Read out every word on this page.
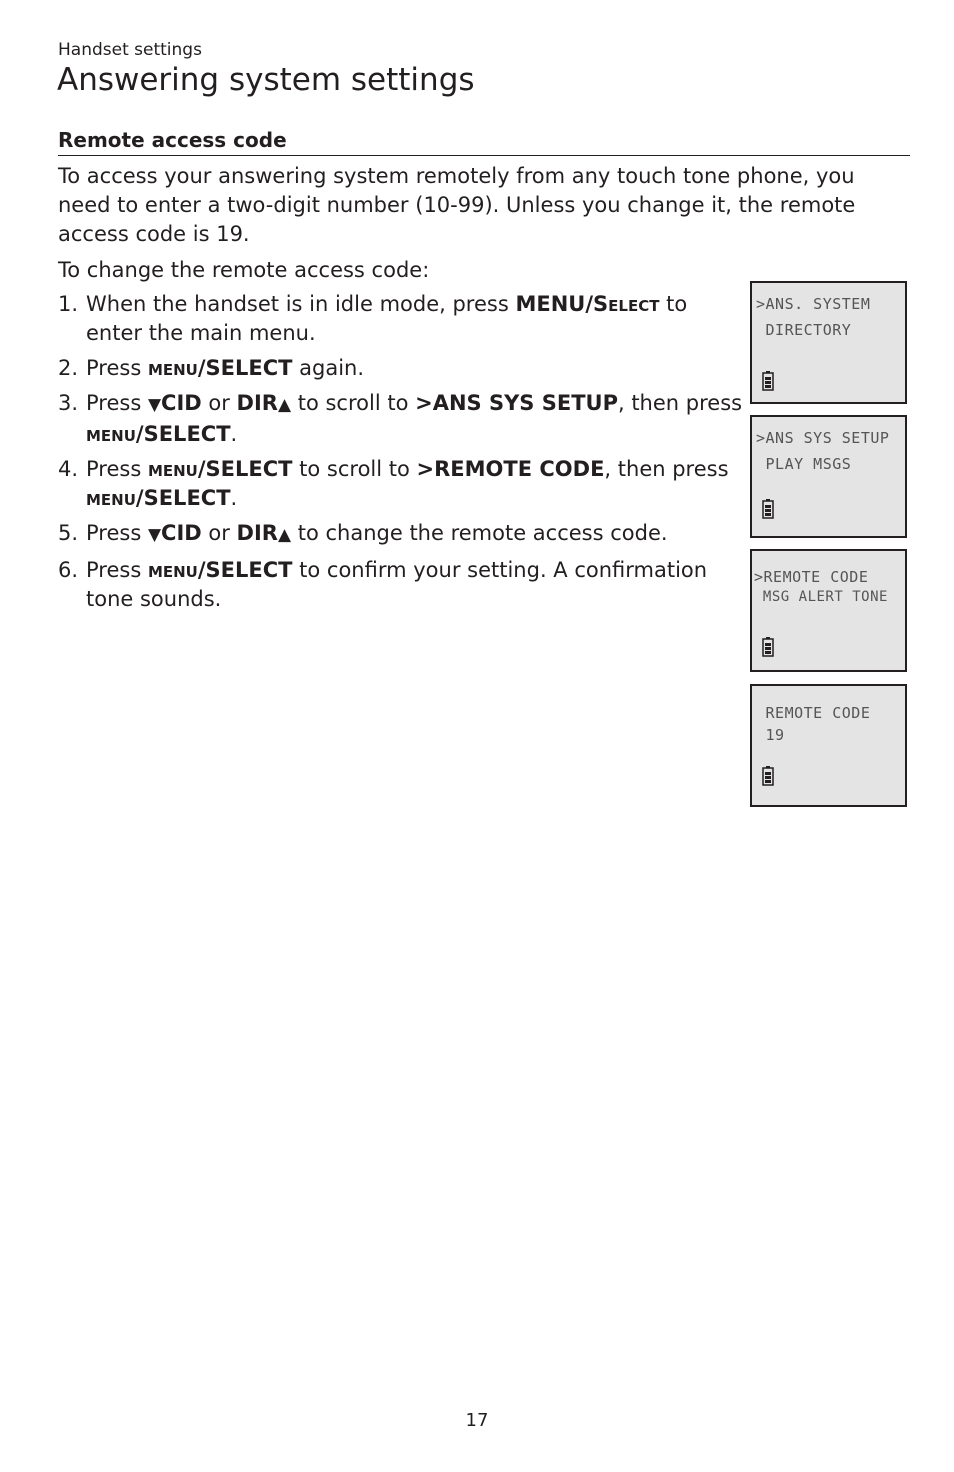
Handset settings
Answering system settings
Remote access code

To access your answering system remotely from any touch tone phone, you need to enter a two-digit number (10-99). Unless you change it, the remote access code is 19.

To change the remote access code:

1. When the handset is in idle mode, press MENU/Select to enter the main menu.
2. Press menu/SELECT again.
3. Press ▼CID or DIR▲ to scroll to >ANS SYS SETUP, then press menu/SELECT.
4. Press menu/SELECT to scroll to >REMOTE CODE, then press menu/SELECT.
5. Press ▼CID or DIR▲ to change the remote access code.
6. Press menu/SELECT to confirm your setting. A confirmation tone sounds.
>ANS. SYSTEM
DIRECTORY
>ANS SYS SETUP
PLAY MSGS
>REMOTE CODE
MSG ALERT TONE
REMOTE CODE
19
17
